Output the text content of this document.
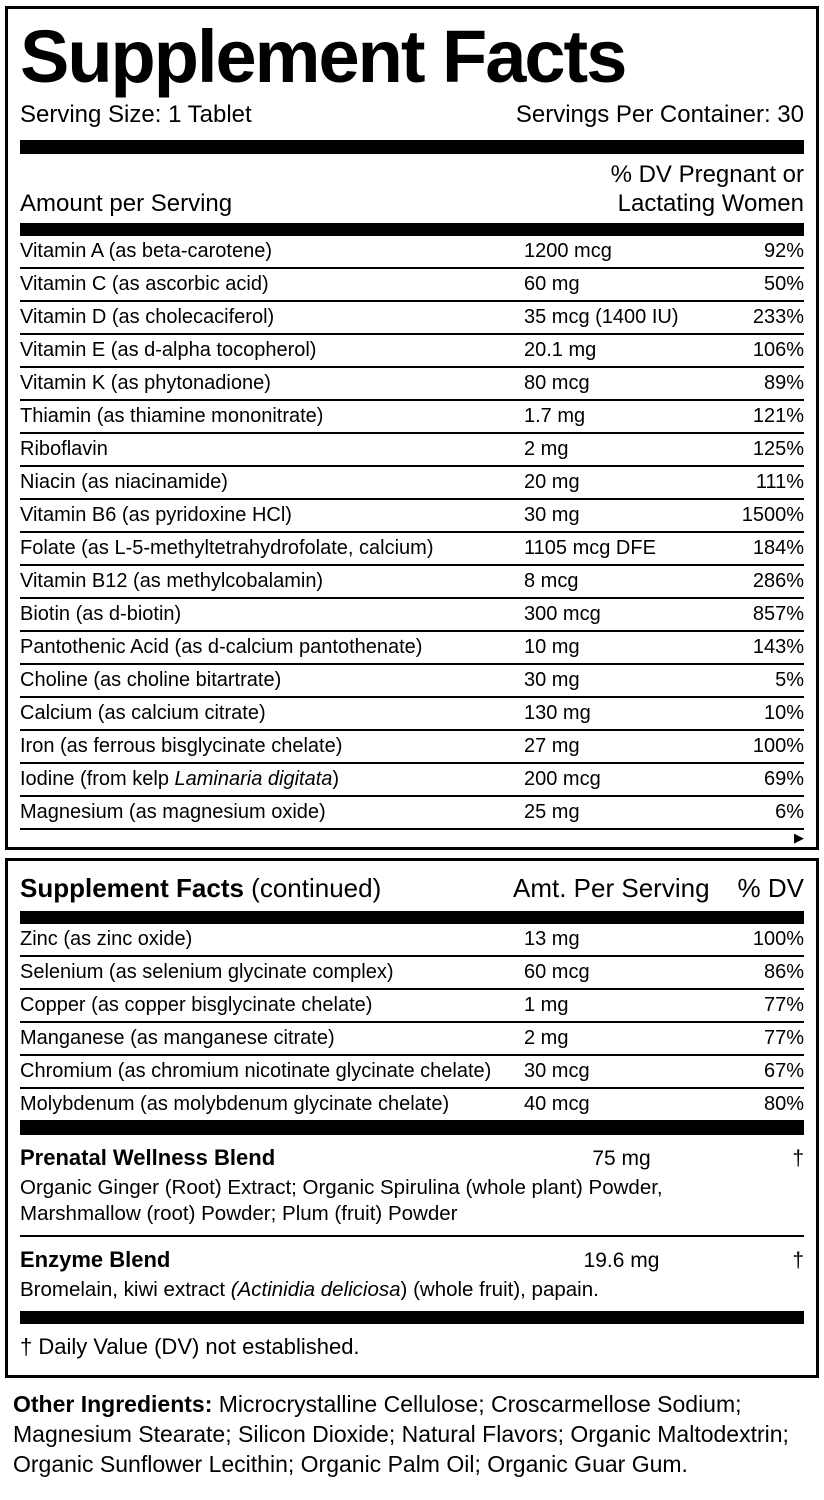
Supplement Facts
Serving Size: 1 Tablet	Servings Per Container: 30
Amount per Serving
% DV Pregnant or
Lactating Women
Vitamin A (as beta-carotene)	1200 mcg	92%
Vitamin C (as ascorbic acid)	60 mg	50%
Vitamin D (as cholecaciferol)	35 mcg (1400 IU)	233%
Vitamin E (as d-alpha tocopherol)	20.1 mg	106%
Vitamin K (as phytonadione)	80 mcg	89%
Thiamin (as thiamine mononitrate)	1.7 mg	121%
Riboflavin	2 mg	125%
Niacin (as niacinamide)	20 mg	111%
Vitamin B6 (as pyridoxine HCl)	30 mg	1500%
Folate (as L-5-methyltetrahydrofolate, calcium)	1105 mcg DFE	184%
Vitamin B12 (as methylcobalamin)	8 mcg	286%
Biotin (as d-biotin)	300 mcg	857%
Pantothenic Acid (as d-calcium pantothenate)	10 mg	143%
Choline (as choline bitartrate)	30 mg	5%
Calcium (as calcium citrate)	130 mg	10%
Iron (as ferrous bisglycinate chelate)	27 mg	100%
Iodine (from kelp Laminaria digitata)	200 mcg	69%
Magnesium (as magnesium oxide)	25 mg	6%
▶
Supplement Facts (continued)	Amt. Per Serving % DV
Zinc (as zinc oxide)	13 mg	100%
Selenium (as selenium glycinate complex)	60 mcg	86%
Copper (as copper bisglycinate chelate)	1 mg	77%
Manganese (as manganese citrate)	2 mg	77%
Chromium (as chromium nicotinate glycinate chelate)	30 mcg	67%
Molybdenum (as molybdenum glycinate chelate)	40 mcg	80%
Prenatal Wellness Blend	75 mg	†
Organic Ginger (Root) Extract; Organic Spirulina (whole plant) Powder, Marshmallow (root) Powder; Plum (fruit) Powder
Enzyme Blend	19.6 mg	†
Bromelain, kiwi extract (Actinidia deliciosa) (whole fruit), papain.

† Daily Value (DV) not established.

Other Ingredients: Microcrystalline Cellulose; Croscarmellose Sodium; Magnesium Stearate; Silicon Dioxide; Natural Flavors; Organic Maltodextrin; Organic Sunflower Lecithin; Organic Palm Oil; Organic Guar Gum.
